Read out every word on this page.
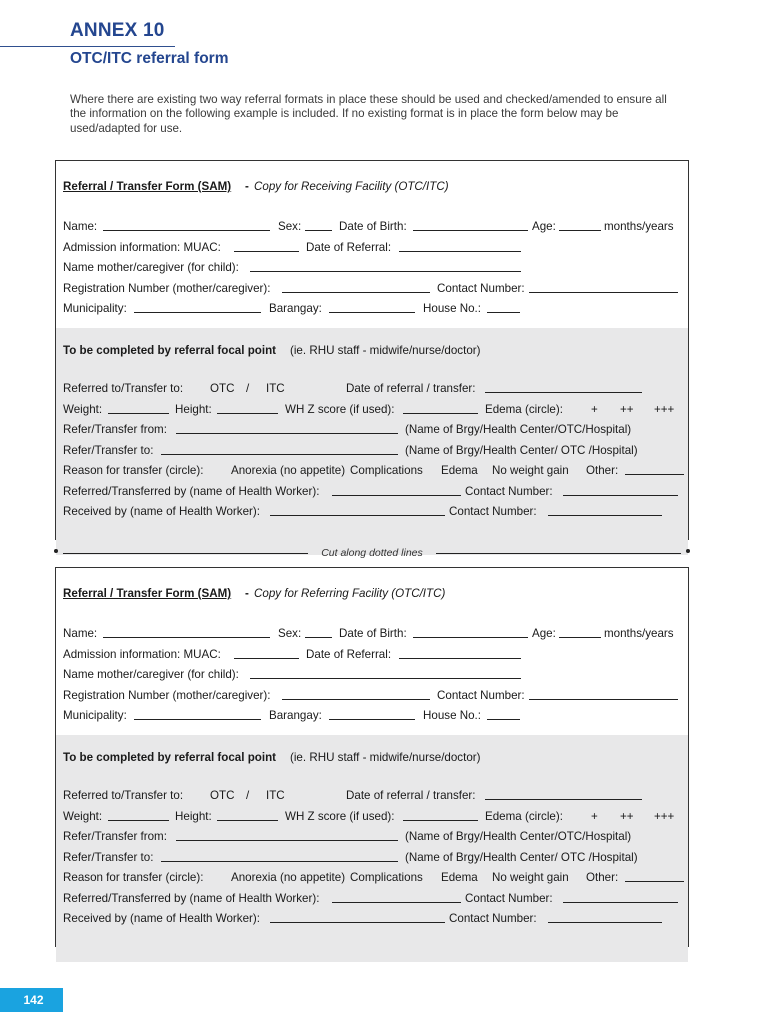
ANNEX 10
OTC/ITC referral form
Where there are existing two way referral formats in place these should be used and checked/amended to ensure all the information on the following example is included. If no existing format is in place the form below may be used/adapted for use.
Referral / Transfer Form (SAM) - Copy for Receiving Facility (OTC/ITC)
Name:	Sex:	Date of Birth:	Age:	months/years
Admission information: MUAC:	Date of Referral:
Name mother/caregiver (for child):
Registration Number (mother/caregiver):	Contact Number:
Municipality:	Barangay:	House No.:
To be completed by referral focal point (ie. RHU staff - midwife/nurse/doctor)
Referred to/Transfer to: OTC / ITC	Date of referral / transfer:
Weight:	Height:	WH Z score (if used):	Edema (circle): + ++ +++
Refer/Transfer from:	(Name of Brgy/Health Center/OTC/Hospital)
Refer/Transfer to:	(Name of Brgy/Health Center/ OTC /Hospital)
Reason for transfer (circle): Anorexia (no appetite) Complications Edema No weight gain Other:
Referred/Transferred by (name of Health Worker):	Contact Number:
Received by (name of Health Worker):	Contact Number:
Cut along dotted lines
Referral / Transfer Form (SAM) - Copy for Referring Facility (OTC/ITC)
Name:	Sex:	Date of Birth:	Age:	months/years
Admission information: MUAC:	Date of Referral:
Name mother/caregiver (for child):
Registration Number (mother/caregiver):	Contact Number:
Municipality:	Barangay:	House No.:
To be completed by referral focal point (ie. RHU staff - midwife/nurse/doctor)
Referred to/Transfer to: OTC / ITC	Date of referral / transfer:
Weight:	Height:	WH Z score (if used):	Edema (circle): + ++ +++
Refer/Transfer from:	(Name of Brgy/Health Center/OTC/Hospital)
Refer/Transfer to:	(Name of Brgy/Health Center/ OTC /Hospital)
Reason for transfer (circle): Anorexia (no appetite) Complications Edema No weight gain Other:
Referred/Transferred by (name of Health Worker):	Contact Number:
Received by (name of Health Worker):	Contact Number:
142
